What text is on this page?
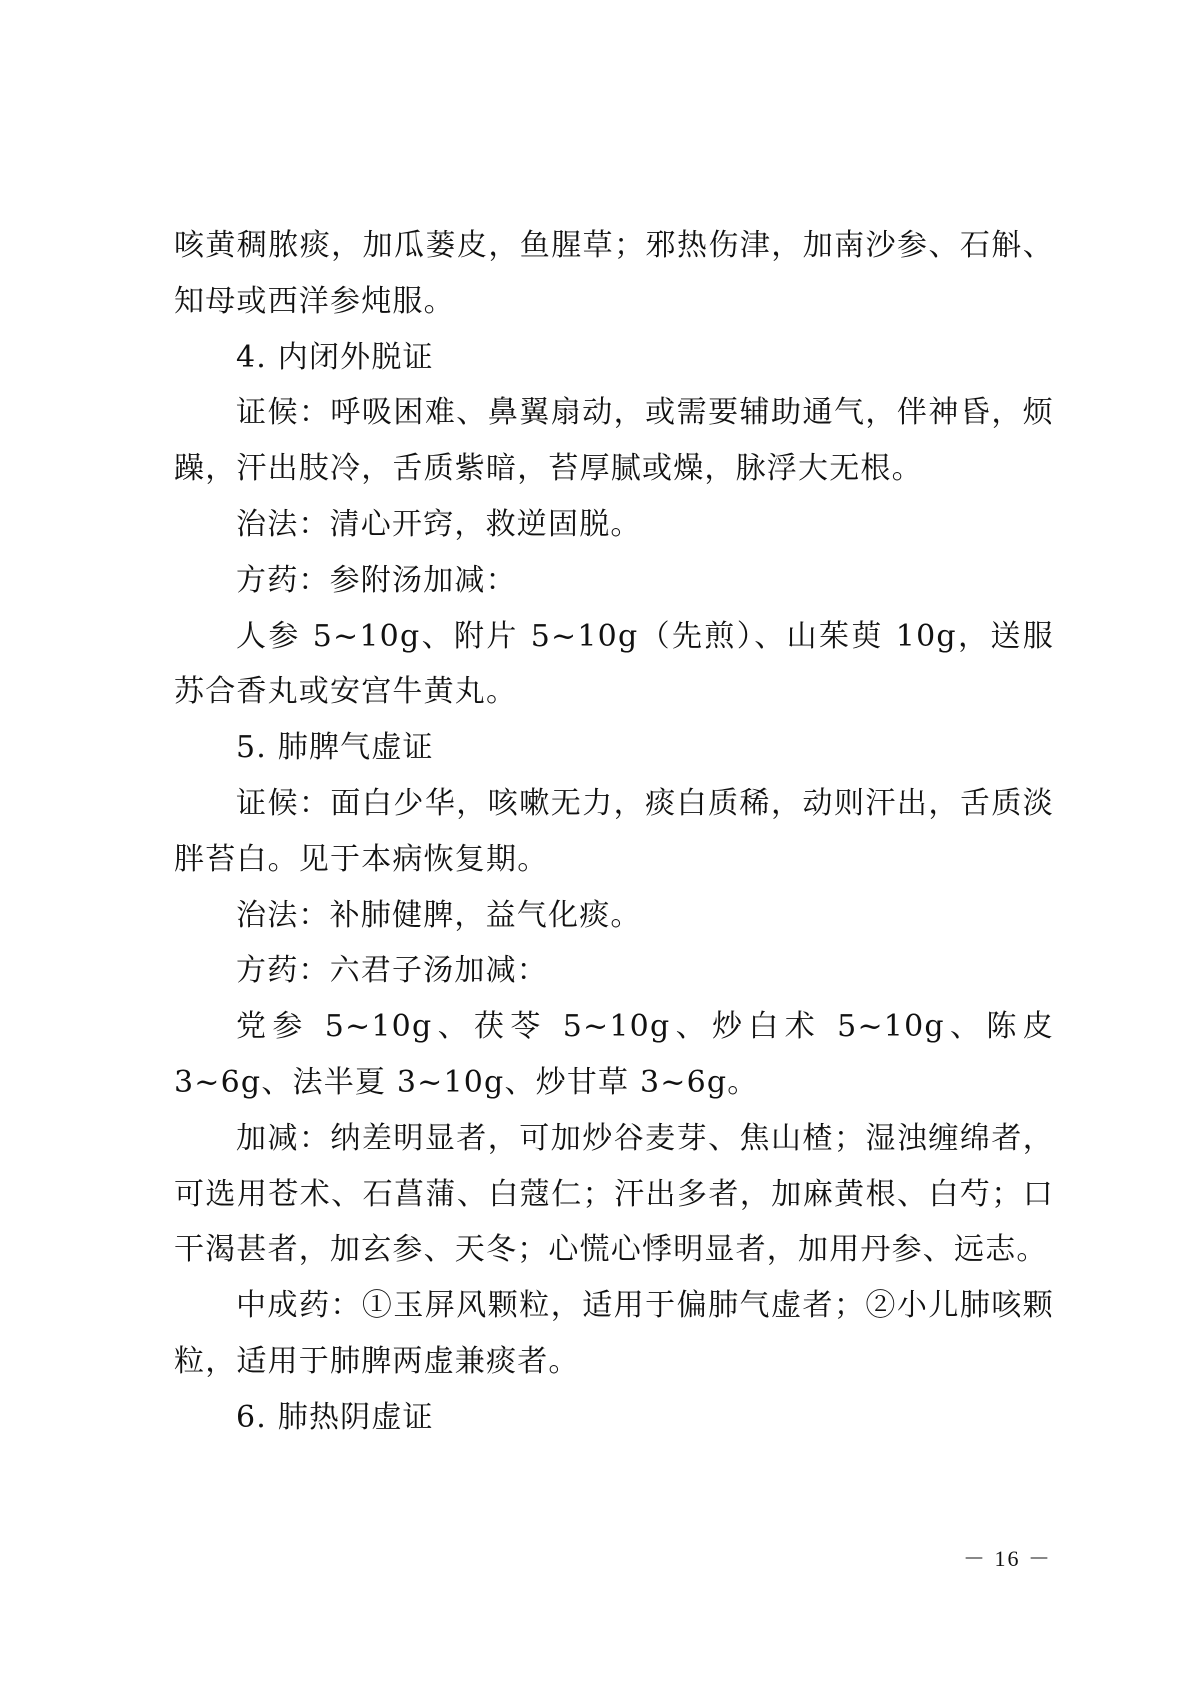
咳黄稠脓痰，加瓜蒌皮，鱼腥草；邪热伤津，加南沙参、石斛、知母或西洋参炖服。

4. 内闭外脱证

证候：呼吸困难、鼻翼扇动，或需要辅助通气，伴神昏，烦躁，汗出肢冷，舌质紫暗，苔厚腻或燥，脉浮大无根。

治法：清心开窍，救逆固脱。

方药：参附汤加减：

人参 5~10g、附片 5~10g（先煎）、山茱萸 10g，送服苏合香丸或安宫牛黄丸。

5. 肺脾气虚证

证候：面白少华，咳嗽无力，痰白质稀，动则汗出，舌质淡胖苔白。见于本病恢复期。

治法：补肺健脾，益气化痰。

方药：六君子汤加减：

党参 5~10g、茯苓 5~10g、炒白术 5~10g、陈皮 3~6g、法半夏 3~10g、炒甘草 3~6g。

加减：纳差明显者，可加炒谷麦芽、焦山楂；湿浊缠绵者，可选用苍术、石菖蒲、白蔻仁；汗出多者，加麻黄根、白芍；口干渴甚者，加玄参、天冬；心慌心悸明显者，加用丹参、远志。

中成药：①玉屏风颗粒，适用于偏肺气虚者；②小儿肺咳颗粒，适用于肺脾两虚兼痰者。

6. 肺热阴虚证

－ 16 －
